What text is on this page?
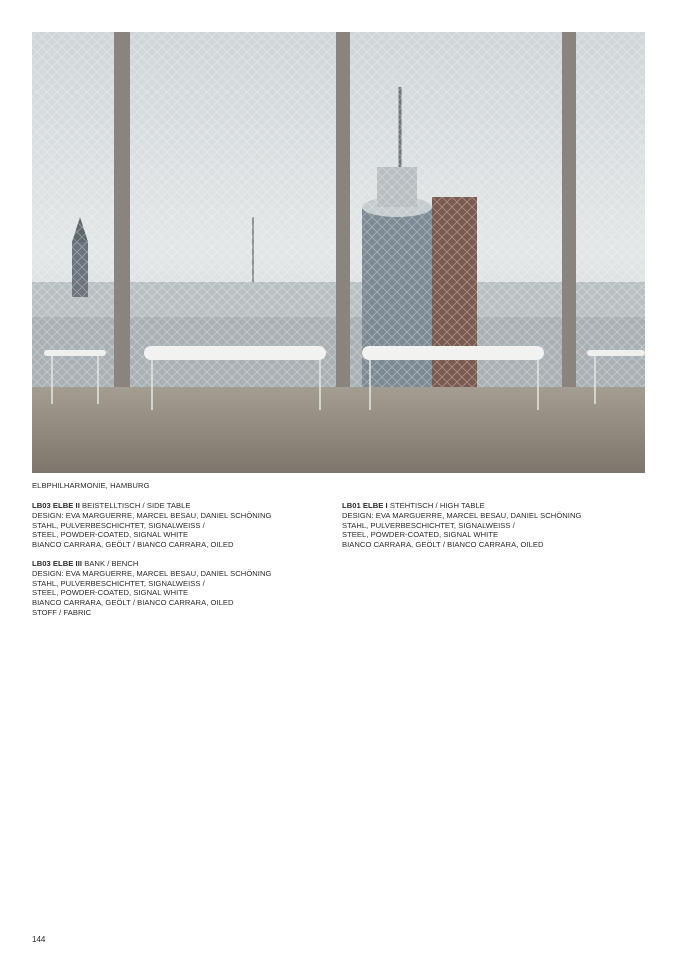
ELBPHILHARMONIE, HAMBURG
LB03 ELBE II BEISTELLTISCH / SIDE TABLE
DESIGN: EVA MARGUERRE, MARCEL BESAU, DANIEL SCHÖNING
STAHL, PULVERBESCHICHTET, SIGNALWEISS /
STEEL, POWDER-COATED, SIGNAL WHITE
BIANCO CARRARA, GEÖLT / BIANCO CARRARA, OILED
LB03 ELBE III BANK / BENCH
DESIGN: EVA MARGUERRE, MARCEL BESAU, DANIEL SCHÖNING
STAHL, PULVERBESCHICHTET, SIGNALWEISS /
STEEL, POWDER-COATED, SIGNAL WHITE
BIANCO CARRARA, GEÖLT / BIANCO CARRARA, OILED
STOFF / FABRIC
LB01 ELBE I STEHTISCH / HIGH TABLE
DESIGN: EVA MARGUERRE, MARCEL BESAU, DANIEL SCHÖNING
STAHL, PULVERBESCHICHTET, SIGNALWEISS /
STEEL, POWDER-COATED, SIGNAL WHITE
BIANCO CARRARA, GEÖLT / BIANCO CARRARA, OILED
144
